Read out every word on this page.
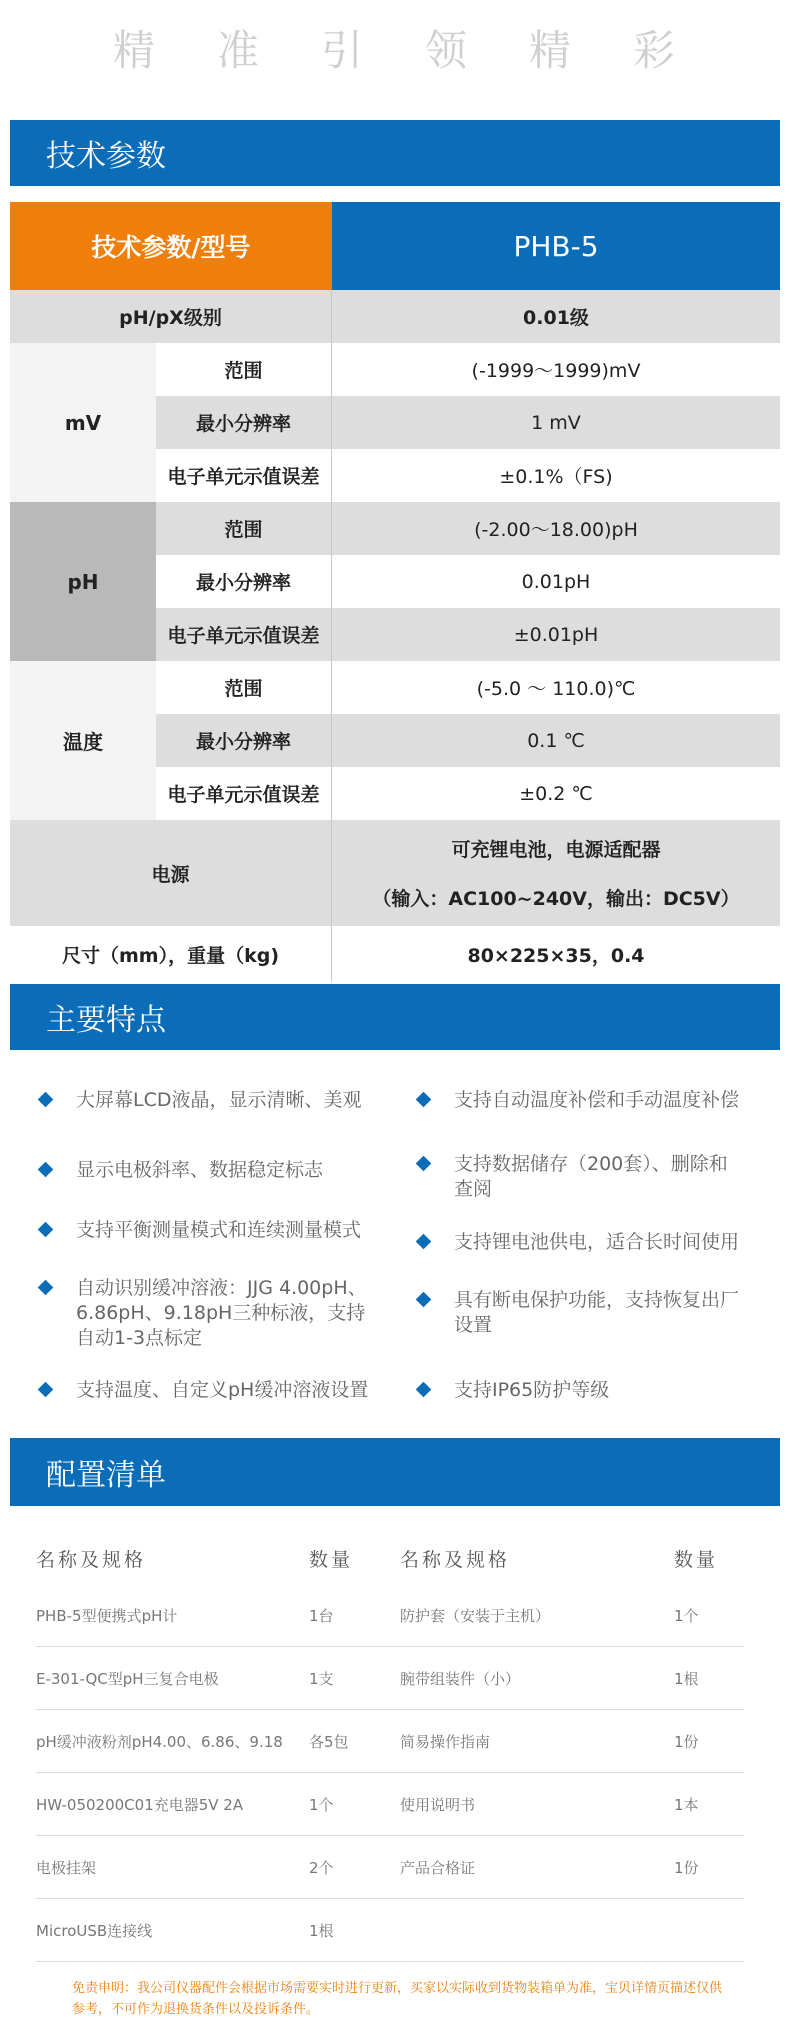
精 准 引 领 精 彩
技术参数
技术参数/型号	PHB-5
pH/pX级别	0.01级
mV
范围	(-1999～1999)mV
最小分辨率	1 mV
电子单元示值误差	±0.1%（FS)
pH
范围	(-2.00～18.00)pH
最小分辨率	0.01pH
电子单元示值误差	±0.01pH
温度
范围	(-5.0 ～ 110.0)℃
最小分辨率	0.1 ℃
电子单元示值误差	±0.2 ℃
电源
可充锂电池，电源适配器
（输入：AC100~240V，输出：DC5V）
尺寸（mm），重量（kg)	80×225×35，0.4
主要特点
大屏幕LCD液晶，显示清晰、美观	支持自动温度补偿和手动温度补偿
显示电极斜率、数据稳定标志	支持数据储存（200套）、删除和
查阅
支持平衡测量模式和连续测量模式
支持锂电池供电，适合长时间使用
自动识别缓冲溶液：JJG 4.00pH、
6.86pH、9.18pH三种标液，支持
自动1-3点标定
具有断电保护功能，支持恢复出厂
设置
支持温度、自定义pH缓冲溶液设置	支持IP65防护等级
配置清单
名称及规格	数量	名称及规格	数量
PHB-5型便携式pH计	1台	防护套（安装于主机）	1个
E-301-QC型pH三复合电极	1支	腕带组装件（小）	1根
pH缓冲液粉剂pH4.00、6.86、9.18	各5包	简易操作指南	1份
HW-050200C01充电器5V 2A	1个	使用说明书	1本
电极挂架	2个	产品合格证	1份
MicroUSB连接线	1根
免责申明：我公司仪器配件会根据市场需要实时进行更新，买家以实际收到货物装箱单为准，宝贝详情页描述仅供参考，不可作为退换货条件以及投诉条件。
